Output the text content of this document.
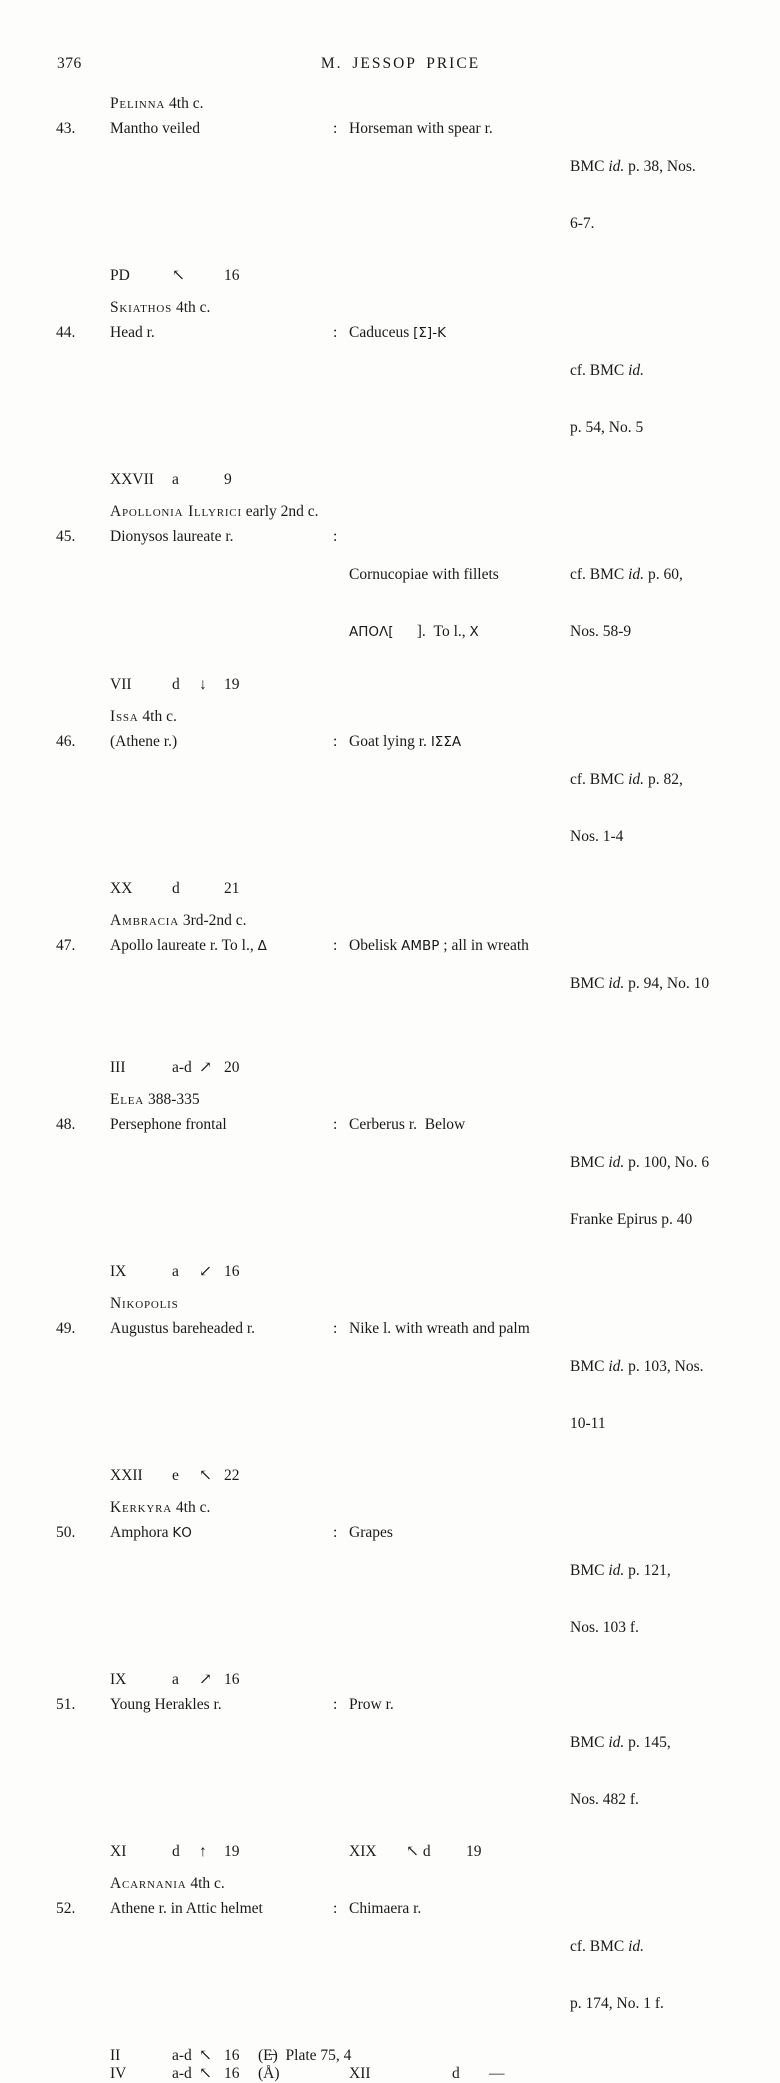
376	M. JESSOP PRICE
Pelinna 4th c.
43.	Mantho veiled	: Horseman with spear r.

BMC id. p. 38, Nos.

6-7.

PD	↖	16
Skiathos 4th c.
44.	Head r.	: Caduceus [Σ]-Κ

cf. BMC id.

p. 54, No. 5

XXVII a	9
Apollonia Illyrici early 2nd c.
45.	Dionysos laureate r.	:

Cornucopiae with fillets

ΑΠΟΛ[      ].  To l., X

cf. BMC id. p. 60,

Nos. 58-9

VII	d ↓ 19
Issa 4th c.
46.	(Athene r.)	: Goat lying r. ΙΣΣΑ

cf. BMC id. p. 82,

Nos. 1-4

XX	d	21
Ambracia 3rd-2nd c.
47.	Apollo laureate r. To l., Δ	: Obelisk ΑΜΒΡ ; all in wreath

BMC id. p. 94, No. 10

III	a-d ↗ 20
Elea 388-335
48.	Persephone frontal	: Cerberus r.  Below

BMC id. p. 100, No. 6

Franke Epirus p. 40

IX	a ↙ 16
Nikopolis
49.	Augustus bareheaded r.	: Nike l. with wreath and palm

BMC id. p. 103, Nos.

10-11

XXII e ↖ 22
Kerkyra 4th c.
50.	Amphora ΚΟ	: Grapes

BMC id. p. 121,

Nos. 103 f.

IX	a ↗ 16
51.	Young Herakles r.	: Prow r.

BMC id. p. 145,

Nos. 482 f.

XI	d ↑ 19	XIX ↖ d 19
Acarnania 4th c.
52.	Athene r. in Attic helmet	: Chimaera r.

cf. BMC id.

p. 174, No. 1 f.

II	a-d ↖ 16 (E̶)  Plate 75, 4
IV	a-d ↖ 16 (Å)	XII	d —
